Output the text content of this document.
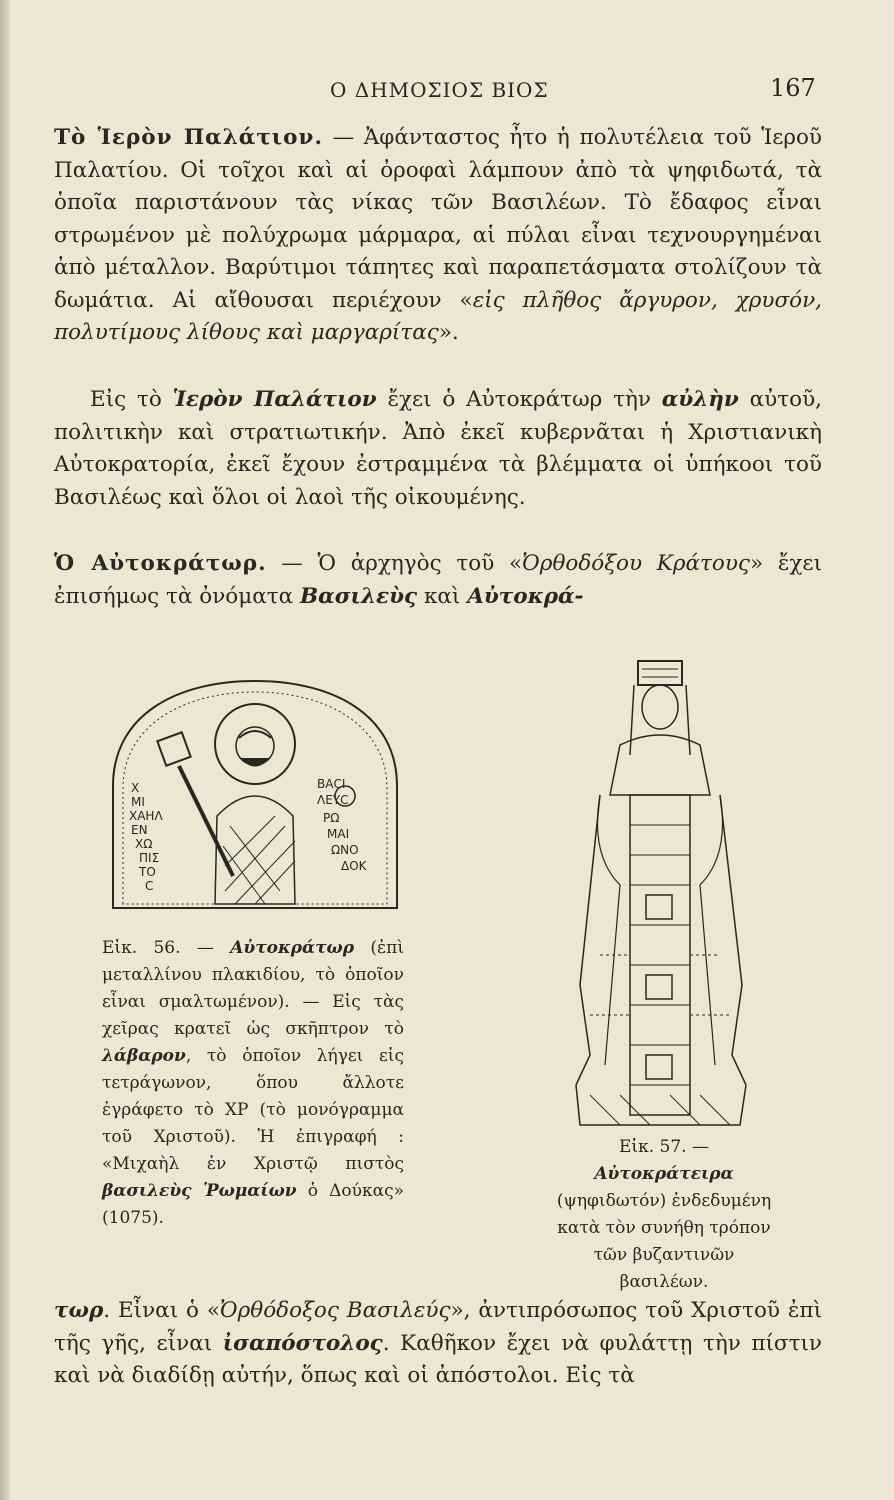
Ο ΔΗΜΟΣΙΟΣ ΒΙΟΣ	167

Τὸ Ἱερὸν Παλάτιον. — Ἀφάνταστος ἦτο ἡ πολυτέλεια τοῦ Ἱεροῦ Παλατίου. Οἱ τοῖχοι καὶ αἱ ὀροφαὶ λάμπουν ἀπὸ τὰ ψηφιδωτά, τὰ ὁποῖα παριστάνουν τὰς νίκας τῶν Βασιλέων. Τὸ ἔδαφος εἶναι στρωμένον μὲ πολύχρωμα μάρμαρα, αἱ πύλαι εἶναι τεχνουργημέναι ἀπὸ μέταλλον. Βαρύτιμοι τάπητες καὶ παραπετάσματα στολίζουν τὰ δωμάτια. Αἱ αἴθουσαι περιέχουν «εἰς πλῆθος ἄργυρον, χρυσόν, πολυτίμους λίθους καὶ μαργαρίτας».

Εἰς τὸ Ἱερὸν Παλάτιον ἔχει ὁ Αὐτοκράτωρ τὴν αὐλὴν αὐτοῦ, πολιτικὴν καὶ στρατιωτικήν. Ἀπὸ ἐκεῖ κυβερνᾶται ἡ Χριστιανικὴ Αὐτοκρατορία, ἐκεῖ ἔχουν ἐστραμμένα τὰ βλέμματα οἱ ὑπήκοοι τοῦ Βασιλέως καὶ ὅλοι οἱ λαοὶ τῆς οἰκουμένης.

Ὁ Αὐτοκράτωρ. — Ὁ ἀρχηγὸς τοῦ «Ὀρθοδόξου Κράτους» ἔχει ἐπισήμως τὰ ὀνόματα Βασιλεὺς καὶ Αὐτοκρά-

Χ
ΜΙ
ΧΑΗΛ
ΕΝ
ΧΩ
ΠΙΣ
ΤΟ
C
ΒΑCΙ
ΛΕΥC
ΡΩ
ΜΑΙ
ΩΝΟ
ΔΟΚ

Εἰκ. 56. — Αὐτοκράτωρ (ἐπὶ μεταλλίνου πλακιδίου, τὸ ὁποῖον εἶναι σμαλτωμένον). — Εἰς τὰς χεῖρας κρατεῖ ὡς σκῆπτρον τὸ λάβαρον, τὸ ὁποῖον λήγει εἰς τετράγωνον, ὅπου ἄλλοτε ἐγράφετο τὸ ΧΡ (τὸ μονόγραμμα τοῦ Χριστοῦ). Ἡ ἐπιγραφή : «Μιχαὴλ ἐν Χριστῷ πιστὸς βασιλεὺς Ῥωμαίων ὁ Δούκας» (1075).

Εἰκ. 57. — Αὐτοκράτειρα (ψηφιδωτόν) ἐνδεδυμένη κατὰ τὸν συνήθη τρόπον τῶν βυζαντινῶν βασιλέων.

τωρ. Εἶναι ὁ «Ὀρθόδοξος Βασιλεύς», ἀντιπρόσωπος τοῦ Χριστοῦ ἐπὶ τῆς γῆς, εἶναι ἰσαπόστολος. Καθῆκον ἔχει νὰ φυλάττῃ τὴν πίστιν καὶ νὰ διαδίδῃ αὐτήν, ὅπως καὶ οἱ ἀπόστολοι. Εἰς τὰ
